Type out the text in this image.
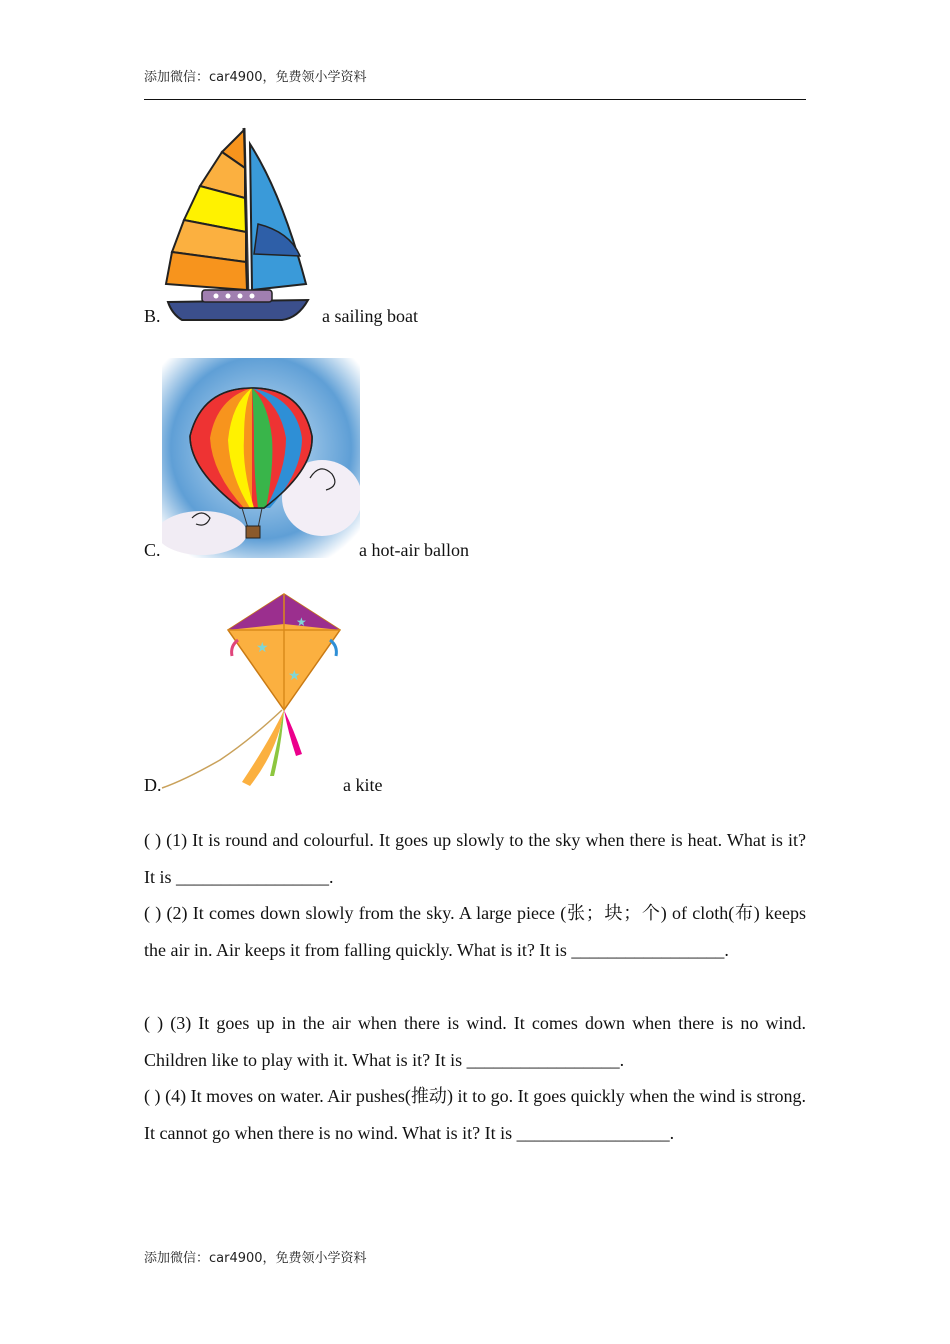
添加微信：car4900，免费领小学资料
B.	a sailing boat
C.	a hot-air ballon
D.
★
★
★
a kite
( ) (1) It is round and colourful. It goes up slowly to the sky when there is heat. What is it? It is _________________.
( ) (2) It comes down slowly from the sky. A large piece (张；块；个) of cloth(布) keeps the air in. Air keeps it from falling quickly. What is it? It is _________________.
( ) (3) It goes up in the air when there is wind. It comes down when there is no wind. Children like to play with it. What is it? It is _________________.
( ) (4) It moves on water. Air pushes(推动) it to go. It goes quickly when the wind is strong. It cannot go when there is no wind. What is it? It is _________________.
添加微信：car4900，免费领小学资料
